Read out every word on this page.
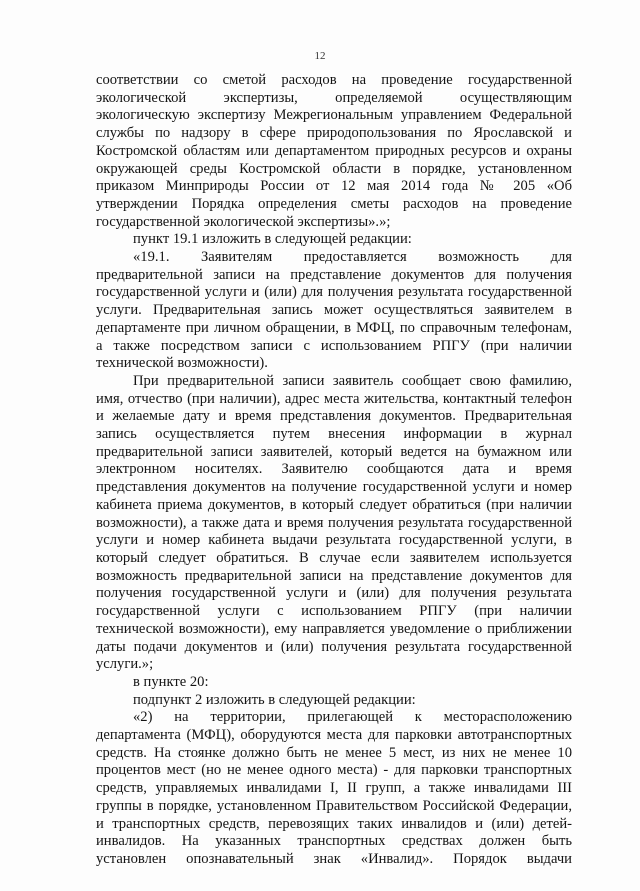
12
соответствии со сметой расходов на проведение государственной
экологической экспертизы, определяемой осуществляющим
экологическую экспертизу Межрегиональным управлением Федеральной
службы по надзору в сфере природопользования по Ярославской и
Костромской областям или департаментом природных ресурсов и охраны
окружающей среды Костромской области в порядке, установленном
приказом Минприроды России от 12 мая 2014 года № 205 «Об
утверждении Порядка определения сметы расходов на проведение
государственной экологической экспертизы».»;
пункт 19.1 изложить в следующей редакции:
«19.1. Заявителям предоставляется возможность для
предварительной записи на представление документов для получения
государственной услуги и (или) для получения результата государственной
услуги. Предварительная запись может осуществляться заявителем в
департаменте при личном обращении, в МФЦ, по справочным телефонам,
а также посредством записи с использованием РПГУ (при наличии
технической возможности).
При предварительной записи заявитель сообщает свою фамилию,
имя, отчество (при наличии), адрес места жительства, контактный телефон
и желаемые дату и время представления документов. Предварительная
запись осуществляется путем внесения информации в журнал
предварительной записи заявителей, который ведется на бумажном или
электронном носителях. Заявителю сообщаются дата и время
представления документов на получение государственной услуги и номер
кабинета приема документов, в который следует обратиться (при наличии
возможности), а также дата и время получения результата государственной
услуги и номер кабинета выдачи результата государственной услуги, в
который следует обратиться. В случае если заявителем используется
возможность предварительной записи на представление документов для
получения государственной услуги и (или) для получения результата
государственной услуги с использованием РПГУ (при наличии
технической возможности), ему направляется уведомление о приближении
даты подачи документов и (или) получения результата государственной
услуги.»;
в пункте 20:
подпункт 2 изложить в следующей редакции:
«2) на территории, прилегающей к месторасположению
департамента (МФЦ), оборудуются места для парковки автотранспортных
средств. На стоянке должно быть не менее 5 мест, из них не менее 10
процентов мест (но не менее одного места) - для парковки транспортных
средств, управляемых инвалидами I, II групп, а также инвалидами III
группы в порядке, установленном Правительством Российской Федерации,
и транспортных средств, перевозящих таких инвалидов и (или) детей-
инвалидов. На указанных транспортных средствах должен быть
установлен опознавательный знак «Инвалид». Порядок выдачи
